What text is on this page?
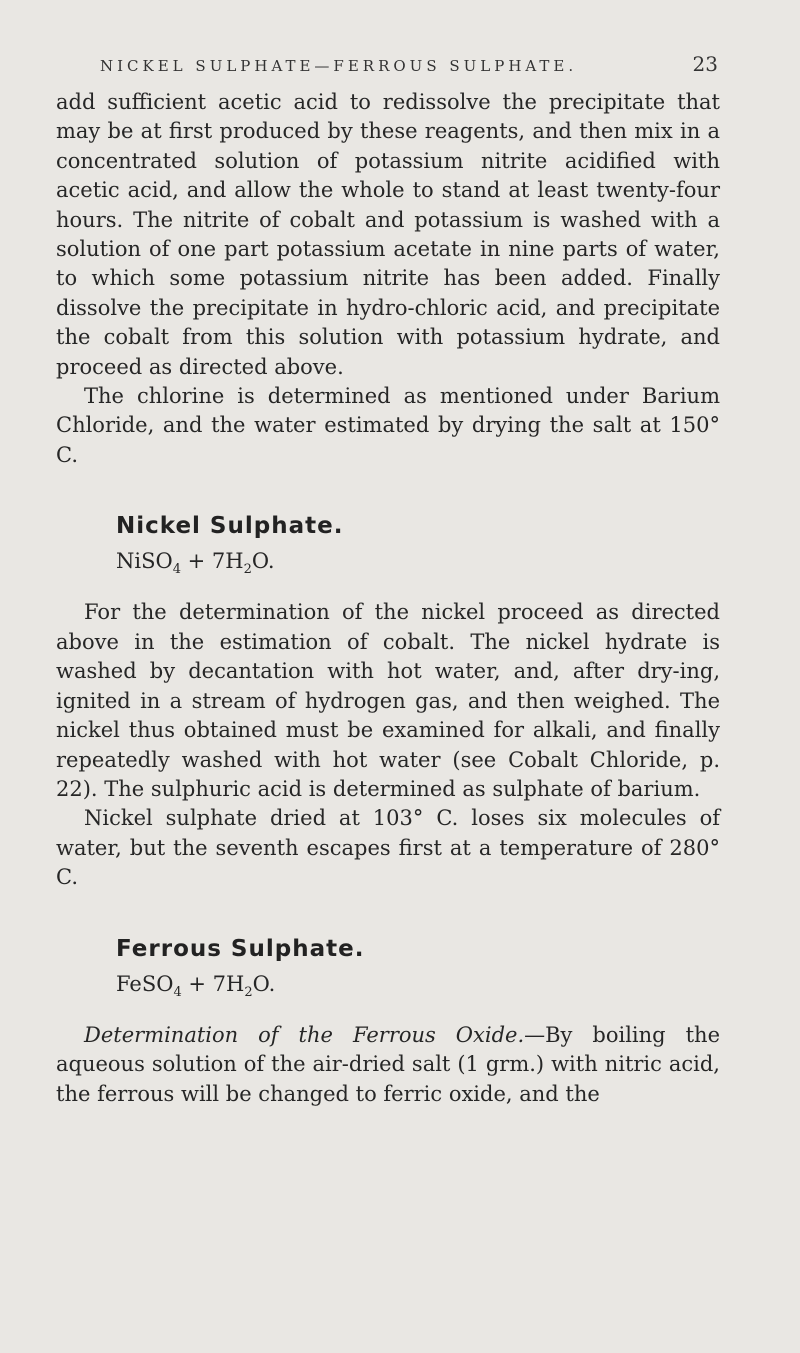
NICKEL SULPHATE—FERROUS SULPHATE.	23

add sufficient acetic acid to redissolve the precipitate that may be at first produced by these reagents, and then mix in a concentrated solution of potassium nitrite acidified with acetic acid, and allow the whole to stand at least twenty-four hours. The nitrite of cobalt and potassium is washed with a solution of one part potassium acetate in nine parts of water, to which some potassium nitrite has been added. Finally dissolve the precipitate in hydro-chloric acid, and precipitate the cobalt from this solution with potassium hydrate, and proceed as directed above.

The chlorine is determined as mentioned under Barium Chloride, and the water estimated by drying the salt at 150° C.

Nickel Sulphate.
NiSO$_4$ + $7H_2O$.

For the determination of the nickel proceed as directed above in the estimation of cobalt. The nickel hydrate is washed by decantation with hot water, and, after dry-ing, ignited in a stream of hydrogen gas, and then weighed. The nickel thus obtained must be examined for alkali, and finally repeatedly washed with hot water (see Cobalt Chloride, p. 22). The sulphuric acid is determined as sulphate of barium.

Nickel sulphate dried at 103° C. loses six molecules of water, but the seventh escapes first at a temperature of 280° C.

Ferrous Sulphate.
FeSO$_4$ + $7H_2O$.

Determination of the Ferrous Oxide.—By boiling the aqueous solution of the air-dried salt (1 grm.) with nitric acid, the ferrous will be changed to ferric oxide, and the
